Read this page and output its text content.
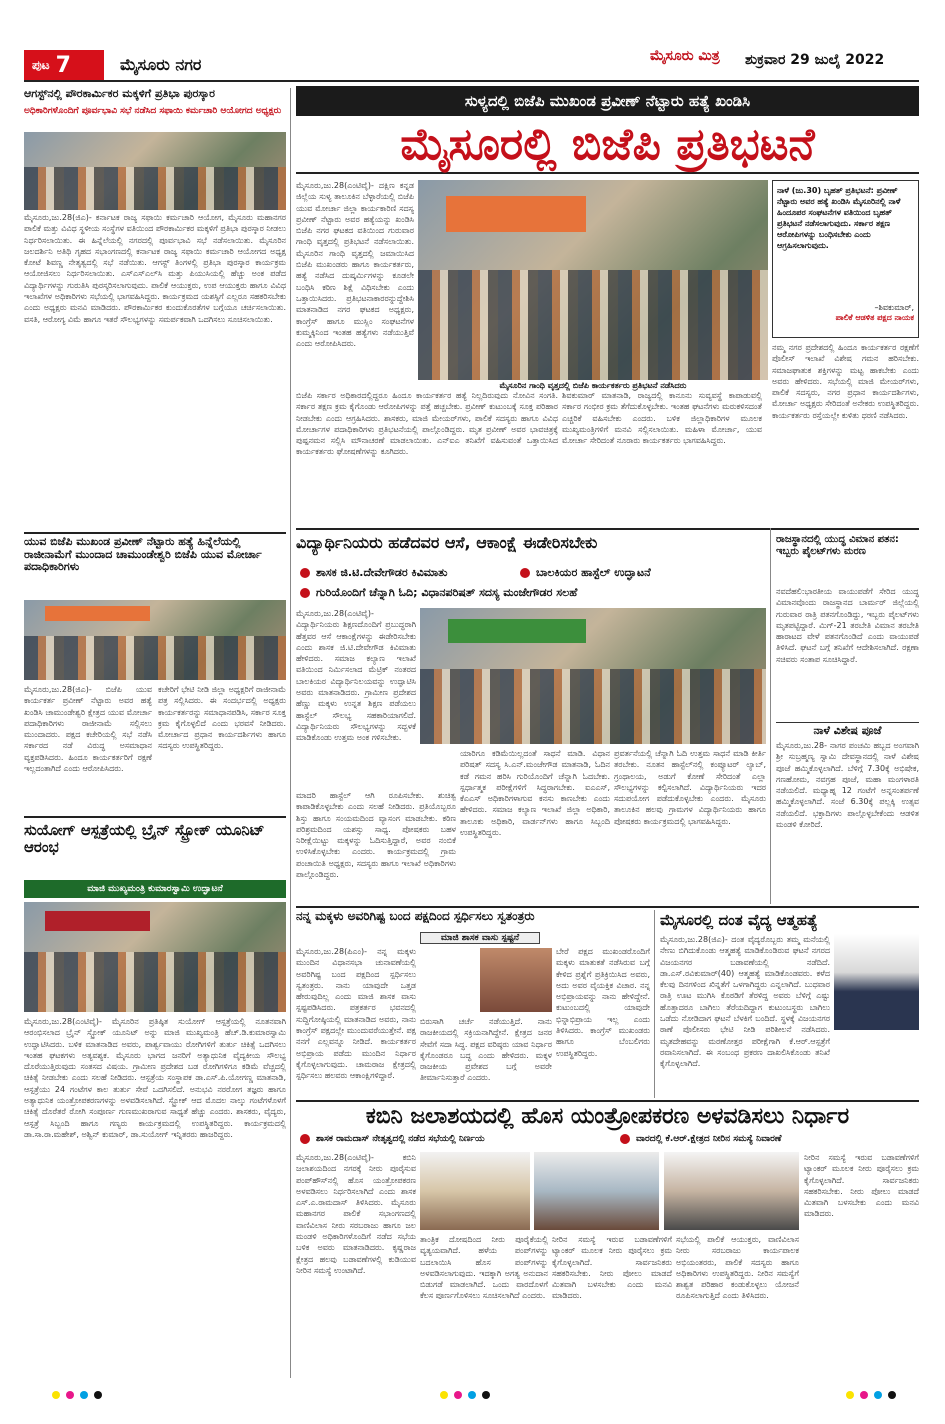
ಪುಟ 7	ಮೈಸೂರು ನಗರ	ಮೈಸೂರು ಮಿತ್ರ ಶುಕ್ರವಾರ 29 ಜುಲೈ 2022
ಆಗಸ್ಟ್‌ನಲ್ಲಿ ಪೌರಕಾರ್ಮಿಕರ ಮಕ್ಕಳಿಗೆ ಪ್ರತಿಭಾ ಪುರಸ್ಕಾರ
ಅಧಿಕಾರಿಗಳೊಂದಿಗೆ ಪೂರ್ವಭಾವಿ ಸಭೆ ನಡೆಸಿದ ಸಫಾಯಿ ಕರ್ಮಚಾರಿ ಆಯೋಗದ ಅಧ್ಯಕ್ಷರು
ಮೈಸೂರು,ಜು.28(ಜಿಎ)- ಕರ್ನಾಟಕ ರಾಜ್ಯ ಸಫಾಯಿ ಕರ್ಮಚಾರಿ ಆಯೋಗ, ಮೈಸೂರು ಮಹಾನಗರ ಪಾಲಿಕೆ ಮತ್ತು ವಿವಿಧ ಸ್ಥಳೀಯ ಸಂಸ್ಥೆಗಳ ವತಿಯಿಂದ ಪೌರಕಾರ್ಮಿಕರ ಮಕ್ಕಳಿಗೆ ಪ್ರತಿಭಾ ಪುರಸ್ಕಾರ ನೀಡಲು ನಿರ್ಧರಿಸಲಾಯಿತು. ಈ ಹಿನ್ನೆಲೆಯಲ್ಲಿ ನಗರದಲ್ಲಿ ಪೂರ್ವಭಾವಿ ಸಭೆ ನಡೆಸಲಾಯಿತು. ಮೈಸೂರಿನ ಜಲದರ್ಶಿನಿ ಅತಿಥಿ ಗೃಹದ ಸಭಾಂಗಣದಲ್ಲಿ ಕರ್ನಾಟಕ ರಾಜ್ಯ ಸಫಾಯಿ ಕರ್ಮಚಾರಿ ಆಯೋಗದ ಅಧ್ಯಕ್ಷ ಕೋಟೆ ಶಿವಣ್ಣ ನೇತೃತ್ವದಲ್ಲಿ ಸಭೆ ನಡೆಯಿತು. ಆಗಸ್ಟ್ ತಿಂಗಳಲ್ಲಿ ಪ್ರತಿಭಾ ಪುರಸ್ಕಾರ ಕಾರ್ಯಕ್ರಮ ಆಯೋಜಿಸಲು ನಿರ್ಧರಿಸಲಾಯಿತು. ಎಸ್‌ಎಸ್‌ಎಲ್‌ಸಿ ಮತ್ತು ಪಿಯುಸಿಯಲ್ಲಿ ಹೆಚ್ಚು ಅಂಕ ಪಡೆದ ವಿದ್ಯಾರ್ಥಿಗಳನ್ನು ಗುರುತಿಸಿ ಪುರಸ್ಕರಿಸಲಾಗುವುದು. ಪಾಲಿಕೆ ಆಯುಕ್ತರು, ಉಪ ಆಯುಕ್ತರು ಹಾಗೂ ವಿವಿಧ ಇಲಾಖೆಗಳ ಅಧಿಕಾರಿಗಳು ಸಭೆಯಲ್ಲಿ ಭಾಗವಹಿಸಿದ್ದರು. ಕಾರ್ಯಕ್ರಮದ ಯಶಸ್ಸಿಗೆ ಎಲ್ಲರೂ ಸಹಕರಿಸಬೇಕು ಎಂದು ಅಧ್ಯಕ್ಷರು ಮನವಿ ಮಾಡಿದರು. ಪೌರಕಾರ್ಮಿಕರ ಕುಂದುಕೊರತೆಗಳ ಬಗ್ಗೆಯೂ ಚರ್ಚಿಸಲಾಯಿತು. ವಸತಿ, ಆರೋಗ್ಯ ವಿಮೆ ಹಾಗೂ ಇತರೆ ಸೌಲಭ್ಯಗಳನ್ನು ಸಮರ್ಪಕವಾಗಿ ಒದಗಿಸಲು ಸೂಚಿಸಲಾಯಿತು.
ಯುವ ಬಿಜೆಪಿ ಮುಖಂಡ ಪ್ರವೀಣ್ ನೆಟ್ಟಾರು ಹತ್ಯೆ ಹಿನ್ನೆಲೆಯಲ್ಲಿ ರಾಜೀನಾಮೆಗೆ ಮುಂದಾದ ಚಾಮುಂಡೇಶ್ವರಿ ಬಿಜೆಪಿ ಯುವ ಮೋರ್ಚಾ ಪದಾಧಿಕಾರಿಗಳು
ಮೈಸೂರು,ಜು.28(ಜಿಎ)- ಬಿಜೆಪಿ ಯುವ ಕಾರ್ಯಕರ್ತ ಪ್ರವೀಣ್ ನೆಟ್ಟಾರು ಅವರ ಹತ್ಯೆ ಖಂಡಿಸಿ ಚಾಮುಂಡೇಶ್ವರಿ ಕ್ಷೇತ್ರದ ಯುವ ಮೋರ್ಚಾ ಪದಾಧಿಕಾರಿಗಳು ರಾಜೀನಾಮೆ ಸಲ್ಲಿಸಲು ಮುಂದಾದರು. ಪಕ್ಷದ ಕಚೇರಿಯಲ್ಲಿ ಸಭೆ ನಡೆಸಿ ಸರ್ಕಾರದ ನಡೆ ವಿರುದ್ಧ ಅಸಮಾಧಾನ ವ್ಯಕ್ತಪಡಿಸಿದರು. ಹಿಂದೂ ಕಾರ್ಯಕರ್ತರಿಗೆ ರಕ್ಷಣೆ ಇಲ್ಲದಂತಾಗಿದೆ ಎಂದು ಆರೋಪಿಸಿದರು.
ಕಚೇರಿಗೆ ಭೇಟಿ ನೀಡಿ ಜಿಲ್ಲಾ ಅಧ್ಯಕ್ಷರಿಗೆ ರಾಜೀನಾಮೆ ಪತ್ರ ಸಲ್ಲಿಸಿದರು. ಈ ಸಂದರ್ಭದಲ್ಲಿ ಅಧ್ಯಕ್ಷರು ಕಾರ್ಯಕರ್ತರನ್ನು ಸಮಾಧಾನಪಡಿಸಿ, ಸರ್ಕಾರ ಸೂಕ್ತ ಕ್ರಮ ಕೈಗೊಳ್ಳಲಿದೆ ಎಂದು ಭರವಸೆ ನೀಡಿದರು. ಮೋರ್ಚಾದ ಪ್ರಧಾನ ಕಾರ್ಯದರ್ಶಿಗಳು ಹಾಗೂ ಸದಸ್ಯರು ಉಪಸ್ಥಿತರಿದ್ದರು.
ಸುಯೋಗ್ ಆಸ್ಪತ್ರೆಯಲ್ಲಿ ಬ್ರೈನ್ ಸ್ಟ್ರೋಕ್ ಯೂನಿಟ್ ಆರಂಭ
ಮಾಜಿ ಮುಖ್ಯಮಂತ್ರಿ ಕುಮಾರಸ್ವಾಮಿ ಉದ್ಘಾಟನೆ
ಮೈಸೂರು,ಜು.28(ಎಂಟಿವೈ)- ಮೈಸೂರಿನ ಪ್ರತಿಷ್ಠಿತ ಸುಯೋಗ್ ಆಸ್ಪತ್ರೆಯಲ್ಲಿ ನೂತನವಾಗಿ ಆರಂಭಿಸಲಾದ ಬ್ರೈನ್ ಸ್ಟ್ರೋಕ್ ಯೂನಿಟ್ ಅನ್ನು ಮಾಜಿ ಮುಖ್ಯಮಂತ್ರಿ ಹೆಚ್.ಡಿ.ಕುಮಾರಸ್ವಾಮಿ ಉದ್ಘಾಟಿಸಿದರು. ಬಳಿಕ ಮಾತನಾಡಿದ ಅವರು, ಪಾರ್ಶ್ವವಾಯು ರೋಗಿಗಳಿಗೆ ತುರ್ತು ಚಿಕಿತ್ಸೆ ಒದಗಿಸಲು ಇಂತಹ ಘಟಕಗಳು ಅತ್ಯವಶ್ಯಕ. ಮೈಸೂರು ಭಾಗದ ಜನರಿಗೆ ಅತ್ಯಾಧುನಿಕ ವೈದ್ಯಕೀಯ ಸೌಲಭ್ಯ ದೊರೆಯುತ್ತಿರುವುದು ಸಂತಸದ ವಿಷಯ. ಗ್ರಾಮೀಣ ಪ್ರದೇಶದ ಬಡ ರೋಗಿಗಳಿಗೂ ಕಡಿಮೆ ವೆಚ್ಚದಲ್ಲಿ ಚಿಕಿತ್ಸೆ ನೀಡಬೇಕು ಎಂದು ಸಲಹೆ ನೀಡಿದರು. ಆಸ್ಪತ್ರೆಯ ಸಂಸ್ಥಾಪಕ ಡಾ.ಎಸ್.ಪಿ.ಯೋಗಣ್ಣ ಮಾತನಾಡಿ, ಆಸ್ಪತ್ರೆಯು 24 ಗಂಟೆಗಳ ಕಾಲ ತುರ್ತು ಸೇವೆ ಒದಗಿಸಲಿದೆ. ಅನುಭವಿ ನರರೋಗ ತಜ್ಞರು ಹಾಗೂ ಅತ್ಯಾಧುನಿಕ ಯಂತ್ರೋಪಕರಣಗಳನ್ನು ಅಳವಡಿಸಲಾಗಿದೆ. ಸ್ಟ್ರೋಕ್ ಆದ ಮೊದಲ ನಾಲ್ಕು ಗಂಟೆಗಳೊಳಗೆ ಚಿಕಿತ್ಸೆ ದೊರೆತರೆ ರೋಗಿ ಸಂಪೂರ್ಣ ಗುಣಮುಖರಾಗುವ ಸಾಧ್ಯತೆ ಹೆಚ್ಚು ಎಂದರು. ಶಾಸಕರು, ವೈದ್ಯರು, ಆಸ್ಪತ್ರೆ ಸಿಬ್ಬಂದಿ ಹಾಗೂ ಗಣ್ಯರು ಕಾರ್ಯಕ್ರಮದಲ್ಲಿ ಉಪಸ್ಥಿತರಿದ್ದರು. ಕಾರ್ಯಕ್ರಮದಲ್ಲಿ ಡಾ.ಸಾ.ರಾ.ಮಹೇಶ್, ಅಶ್ವಿನ್ ಕುಮಾರ್, ಡಾ.ಸುಯೋಗ್ ಇನ್ನಿತರರು ಹಾಜರಿದ್ದರು.
ಸುಳ್ಯದಲ್ಲಿ ಬಿಜೆಪಿ ಮುಖಂಡ ಪ್ರವೀಣ್ ನೆಟ್ಟಾರು ಹತ್ಯೆ ಖಂಡಿಸಿ
ಮೈಸೂರಲ್ಲಿ ಬಿಜೆಪಿ ಪ್ರತಿಭಟನೆ
ಮೈಸೂರು,ಜು.28(ಎಂಟಿವೈ)- ದಕ್ಷಿಣ ಕನ್ನಡ ಜಿಲ್ಲೆಯ ಸುಳ್ಯ ತಾಲೂಕಿನ ಬೆಳ್ಳಾರೆಯಲ್ಲಿ ಬಿಜೆಪಿ ಯುವ ಮೋರ್ಚಾ ಜಿಲ್ಲಾ ಕಾರ್ಯಕಾರಿಣಿ ಸದಸ್ಯ ಪ್ರವೀಣ್ ನೆಟ್ಟಾರು ಅವರ ಹತ್ಯೆಯನ್ನು ಖಂಡಿಸಿ ಬಿಜೆಪಿ ನಗರ ಘಟಕದ ವತಿಯಿಂದ ಗುರುವಾರ ಗಾಂಧಿ ವೃತ್ತದಲ್ಲಿ ಪ್ರತಿಭಟನೆ ನಡೆಸಲಾಯಿತು. ಮೈಸೂರಿನ ಗಾಂಧಿ ವೃತ್ತದಲ್ಲಿ ಜಮಾಯಿಸಿದ ಬಿಜೆಪಿ ಮುಖಂಡರು ಹಾಗೂ ಕಾರ್ಯಕರ್ತರು, ಹತ್ಯೆ ನಡೆಸಿದ ದುಷ್ಕರ್ಮಿಗಳನ್ನು ಕೂಡಲೇ ಬಂಧಿಸಿ ಕಠಿಣ ಶಿಕ್ಷೆ ವಿಧಿಸಬೇಕು ಎಂದು ಒತ್ತಾಯಿಸಿದರು. ಪ್ರತಿಭಟನಾಕಾರರನ್ನುದ್ದೇಶಿಸಿ ಮಾತನಾಡಿದ ನಗರ ಘಟಕದ ಅಧ್ಯಕ್ಷರು, ಕಾಂಗ್ರೆಸ್ ಹಾಗೂ ಮುಸ್ಲಿಂ ಸಂಘಟನೆಗಳ ಕುಮ್ಮಕ್ಕಿನಿಂದ ಇಂತಹ ಹತ್ಯೆಗಳು ನಡೆಯುತ್ತಿವೆ ಎಂದು ಆರೋಪಿಸಿದರು.
ಮೈಸೂರಿನ ಗಾಂಧಿ ವೃತ್ತದಲ್ಲಿ ಬಿಜೆಪಿ ಕಾರ್ಯಕರ್ತರು ಪ್ರತಿಭಟನೆ ನಡೆಸಿದರು
ಬಿಜೆಪಿ ಸರ್ಕಾರ ಅಧಿಕಾರದಲ್ಲಿದ್ದರೂ ಹಿಂದೂ ಕಾರ್ಯಕರ್ತರ ಹತ್ಯೆ ನಿಲ್ಲದಿರುವುದು ನೋವಿನ ಸಂಗತಿ. ಸರ್ಕಾರ ತಕ್ಷಣ ಕ್ರಮ ಕೈಗೊಂಡು ಆರೋಪಿಗಳನ್ನು ಪತ್ತೆ ಹಚ್ಚಬೇಕು. ಪ್ರವೀಣ್ ಕುಟುಂಬಕ್ಕೆ ಸೂಕ್ತ ಪರಿಹಾರ ನೀಡಬೇಕು ಎಂದು ಆಗ್ರಹಿಸಿದರು. ಶಾಸಕರು, ಮಾಜಿ ಮೇಯರ್‌ಗಳು, ಪಾಲಿಕೆ ಸದಸ್ಯರು ಹಾಗೂ ವಿವಿಧ ಮೋರ್ಚಾಗಳ ಪದಾಧಿಕಾರಿಗಳು ಪ್ರತಿಭಟನೆಯಲ್ಲಿ ಪಾಲ್ಗೊಂಡಿದ್ದರು. ಮೃತ ಪ್ರವೀಣ್ ಅವರ ಭಾವಚಿತ್ರಕ್ಕೆ ಪುಷ್ಪನಮನ ಸಲ್ಲಿಸಿ ಮೌನಾಚರಣೆ ಮಾಡಲಾಯಿತು. ಎನ್‌ಐಎ ತನಿಖೆಗೆ ವಹಿಸುವಂತೆ ಒತ್ತಾಯಿಸಿದ ಕಾರ್ಯಕರ್ತರು ಘೋಷಣೆಗಳನ್ನು ಕೂಗಿದರು.
ಶಿವಕುಮಾರ್ ಮಾತನಾಡಿ, ರಾಜ್ಯದಲ್ಲಿ ಕಾನೂನು ಸುವ್ಯವಸ್ಥೆ ಕಾಪಾಡುವಲ್ಲಿ ಸರ್ಕಾರ ಗಂಭೀರ ಕ್ರಮ ತೆಗೆದುಕೊಳ್ಳಬೇಕು. ಇಂತಹ ಘಟನೆಗಳು ಮರುಕಳಿಸದಂತೆ ಎಚ್ಚರಿಕೆ ವಹಿಸಬೇಕು ಎಂದರು. ಬಳಿಕ ಜಿಲ್ಲಾಧಿಕಾರಿಗಳ ಮೂಲಕ ಮುಖ್ಯಮಂತ್ರಿಗಳಿಗೆ ಮನವಿ ಸಲ್ಲಿಸಲಾಯಿತು. ಮಹಿಳಾ ಮೋರ್ಚಾ, ಯುವ ಮೋರ್ಚಾ ಸೇರಿದಂತೆ ನೂರಾರು ಕಾರ್ಯಕರ್ತರು ಭಾಗವಹಿಸಿದ್ದರು.
ನಾಳೆ (ಜು.30) ಬೃಹತ್ ಪ್ರತಿಭಟನೆ: ಪ್ರವೀಣ್ ನೆಟ್ಟಾರು ಅವರ ಹತ್ಯೆ ಖಂಡಿಸಿ ಮೈಸೂರಿನಲ್ಲಿ ನಾಳೆ ಹಿಂದೂಪರ ಸಂಘಟನೆಗಳ ವತಿಯಿಂದ ಬೃಹತ್ ಪ್ರತಿಭಟನೆ ನಡೆಸಲಾಗುವುದು. ಸರ್ಕಾರ ತಕ್ಷಣ ಆರೋಪಿಗಳನ್ನು ಬಂಧಿಸಬೇಕು ಎಂದು ಆಗ್ರಹಿಸಲಾಗುವುದು.
–ಶಿವಕುಮಾರ್,
ಪಾಲಿಕೆ ಆಡಳಿತ ಪಕ್ಷದ ನಾಯಕ
ನಮ್ಮ ನಗರ ಪ್ರದೇಶದಲ್ಲಿ ಹಿಂದೂ ಕಾರ್ಯಕರ್ತರ ರಕ್ಷಣೆಗೆ ಪೊಲೀಸ್ ಇಲಾಖೆ ವಿಶೇಷ ಗಮನ ಹರಿಸಬೇಕು. ಸಮಾಜಘಾತುಕ ಶಕ್ತಿಗಳನ್ನು ಮಟ್ಟ ಹಾಕಬೇಕು ಎಂದು ಅವರು ಹೇಳಿದರು. ಸಭೆಯಲ್ಲಿ ಮಾಜಿ ಮೇಯರ್‌ಗಳು, ಪಾಲಿಕೆ ಸದಸ್ಯರು, ನಗರ ಪ್ರಧಾನ ಕಾರ್ಯದರ್ಶಿಗಳು, ಮೋರ್ಚಾ ಅಧ್ಯಕ್ಷರು ಸೇರಿದಂತೆ ಅನೇಕರು ಉಪಸ್ಥಿತರಿದ್ದರು. ಕಾರ್ಯಕರ್ತರು ರಸ್ತೆಯಲ್ಲೇ ಕುಳಿತು ಧರಣಿ ನಡೆಸಿದರು.
ವಿದ್ಯಾರ್ಥಿನಿಯರು ಹಡೆದವರ ಆಸೆ, ಆಕಾಂಕ್ಷೆ ಈಡೇರಿಸಬೇಕು
ಶಾಸಕ ಜಿ.ಟಿ.ದೇವೇಗೌಡರ ಕಿವಿಮಾತು	ಬಾಲಕಿಯರ ಹಾಸ್ಟೆಲ್ ಉದ್ಘಾಟನೆ
ಗುರಿಯೊಂದಿಗೆ ಚೆನ್ನಾಗಿ ಓದಿ; ವಿಧಾನಪರಿಷತ್ ಸದಸ್ಯ ಮಂಜೇಗೌಡರ ಸಲಹೆ
ಮೈಸೂರು,ಜು.28(ಎಂಟಿವೈ)- ವಿದ್ಯಾರ್ಥಿನಿಯರು ಶಿಕ್ಷಣದೊಂದಿಗೆ ಪ್ರಬುದ್ಧರಾಗಿ ಹೆತ್ತವರ ಆಸೆ ಆಕಾಂಕ್ಷೆಗಳನ್ನು ಈಡೇರಿಸಬೇಕು ಎಂದು ಶಾಸಕ ಜಿ.ಟಿ.ದೇವೇಗೌಡ ಕಿವಿಮಾತು ಹೇಳಿದರು. ಸಮಾಜ ಕಲ್ಯಾಣ ಇಲಾಖೆ ವತಿಯಿಂದ ನಿರ್ಮಿಸಲಾದ ಮೆಟ್ರಿಕ್ ನಂತರದ ಬಾಲಕಿಯರ ವಿದ್ಯಾರ್ಥಿನಿಲಯವನ್ನು ಉದ್ಘಾಟಿಸಿ ಅವರು ಮಾತನಾಡಿದರು. ಗ್ರಾಮೀಣ ಪ್ರದೇಶದ ಹೆಣ್ಣು ಮಕ್ಕಳು ಉನ್ನತ ಶಿಕ್ಷಣ ಪಡೆಯಲು ಹಾಸ್ಟೆಲ್ ಸೌಲಭ್ಯ ಸಹಕಾರಿಯಾಗಲಿದೆ. ವಿದ್ಯಾರ್ಥಿನಿಯರು ಸೌಲಭ್ಯಗಳನ್ನು ಸದ್ಬಳಕೆ ಮಾಡಿಕೊಂಡು ಉತ್ತಮ ಅಂಕ ಗಳಿಸಬೇಕು.
ಮಾದರಿ ಹಾಸ್ಟೆಲ್ ಆಗಿ ರೂಪಿಸಬೇಕು. ಶುಚಿತ್ವ ಕಾಪಾಡಿಕೊಳ್ಳಬೇಕು ಎಂದು ಸಲಹೆ ನೀಡಿದರು. ಪ್ರತಿಯೊಬ್ಬರೂ ಶಿಸ್ತು ಹಾಗೂ ಸಂಯಮದಿಂದ ವ್ಯಾಸಂಗ ಮಾಡಬೇಕು. ಕಠಿಣ ಪರಿಶ್ರಮದಿಂದ ಯಶಸ್ಸು ಸಾಧ್ಯ. ಪೋಷಕರು ಬಹಳ ನಿರೀಕ್ಷೆಯಿಟ್ಟು ಮಕ್ಕಳನ್ನು ಓದಿಸುತ್ತಿದ್ದಾರೆ, ಅವರ ನಂಬಿಕೆ ಉಳಿಸಿಕೊಳ್ಳಬೇಕು ಎಂದರು. ಕಾರ್ಯಕ್ರಮದಲ್ಲಿ ಗ್ರಾಮ ಪಂಚಾಯಿತಿ ಅಧ್ಯಕ್ಷರು, ಸದಸ್ಯರು ಹಾಗೂ ಇಲಾಖೆ ಅಧಿಕಾರಿಗಳು ಪಾಲ್ಗೊಂಡಿದ್ದರು.
ಯಾರಿಗೂ ಕಡಿಮೆಯಿಲ್ಲದಂತೆ ಸಾಧನೆ ಮಾಡಿ. ವಿಧಾನ ಪರಿಷತ್ ಸದಸ್ಯ ಸಿ.ಎನ್.ಮಂಜೇಗೌಡ ಮಾತನಾಡಿ, ಓದಿನ ಕಡೆ ಗಮನ ಹರಿಸಿ ಗುರಿಯೊಂದಿಗೆ ಚೆನ್ನಾಗಿ ಓದಬೇಕು. ಸ್ಪರ್ಧಾತ್ಮಕ ಪರೀಕ್ಷೆಗಳಿಗೆ ಸಿದ್ಧರಾಗಬೇಕು. ಐಎಎಸ್, ಕೆಎಎಸ್ ಅಧಿಕಾರಿಗಳಾಗುವ ಕನಸು ಕಾಣಬೇಕು ಎಂದು ಹೇಳಿದರು. ಸಮಾಜ ಕಲ್ಯಾಣ ಇಲಾಖೆ ಜಿಲ್ಲಾ ಅಧಿಕಾರಿ, ತಾಲೂಕು ಅಧಿಕಾರಿ, ವಾರ್ಡನ್‌ಗಳು ಹಾಗೂ ಸಿಬ್ಬಂದಿ ಉಪಸ್ಥಿತರಿದ್ದರು.
ಪ್ರವರ್ತನೆಯಲ್ಲಿ ಚೆನ್ನಾಗಿ ಓದಿ ಉತ್ತಮ ಸಾಧನೆ ಮಾಡಿ ಕೀರ್ತಿ ತರಬೇಕು. ನೂತನ ಹಾಸ್ಟೆಲ್‌ನಲ್ಲಿ ಕಂಪ್ಯೂಟರ್ ಲ್ಯಾಬ್, ಗ್ರಂಥಾಲಯ, ಅಡುಗೆ ಕೋಣೆ ಸೇರಿದಂತೆ ಎಲ್ಲಾ ಸೌಲಭ್ಯಗಳನ್ನು ಕಲ್ಪಿಸಲಾಗಿದೆ. ವಿದ್ಯಾರ್ಥಿನಿಯರು ಇದರ ಸದುಪಯೋಗ ಪಡೆದುಕೊಳ್ಳಬೇಕು ಎಂದರು. ಮೈಸೂರು ತಾಲೂಕಿನ ಹಲವು ಗ್ರಾಮಗಳ ವಿದ್ಯಾರ್ಥಿನಿಯರು ಹಾಗೂ ಪೋಷಕರು ಕಾರ್ಯಕ್ರಮದಲ್ಲಿ ಭಾಗವಹಿಸಿದ್ದರು.
ರಾಜಸ್ಥಾನದಲ್ಲಿ ಯುದ್ಧ ವಿಮಾನ ಪತನ: ಇಬ್ಬರು ಪೈಲಟ್‌ಗಳು ಮರಣ
ನವದೆಹಲಿ:ಭಾರತೀಯ ವಾಯುಪಡೆಗೆ ಸೇರಿದ ಯುದ್ಧ ವಿಮಾನವೊಂದು ರಾಜಸ್ಥಾನದ ಬಾರ್ಮರ್ ಜಿಲ್ಲೆಯಲ್ಲಿ ಗುರುವಾರ ರಾತ್ರಿ ಪತನಗೊಂಡಿದ್ದು, ಇಬ್ಬರು ಪೈಲಟ್‌ಗಳು ಮೃತಪಟ್ಟಿದ್ದಾರೆ. ಮಿಗ್-21 ತರಬೇತಿ ವಿಮಾನ ತರಬೇತಿ ಹಾರಾಟದ ವೇಳೆ ಪತನಗೊಂಡಿದೆ ಎಂದು ವಾಯುಪಡೆ ತಿಳಿಸಿದೆ. ಘಟನೆ ಬಗ್ಗೆ ತನಿಖೆಗೆ ಆದೇಶಿಸಲಾಗಿದೆ. ರಕ್ಷಣಾ ಸಚಿವರು ಸಂತಾಪ ಸೂಚಿಸಿದ್ದಾರೆ.
ನಾಳೆ ವಿಶೇಷ ಪೂಜೆ
ಮೈಸೂರು,ಜು.28- ನಾಗರ ಪಂಚಮಿ ಹಬ್ಬದ ಅಂಗವಾಗಿ ಶ್ರೀ ಸುಬ್ರಹ್ಮಣ್ಯ ಸ್ವಾಮಿ ದೇವಸ್ಥಾನದಲ್ಲಿ ನಾಳೆ ವಿಶೇಷ ಪೂಜೆ ಹಮ್ಮಿಕೊಳ್ಳಲಾಗಿದೆ. ಬೆಳಿಗ್ಗೆ 7.30ಕ್ಕೆ ಅಭಿಷೇಕ, ಗಣಹೋಮ, ನವಗ್ರಹ ಪೂಜೆ, ಮಹಾ ಮಂಗಳಾರತಿ ನಡೆಯಲಿದೆ. ಮಧ್ಯಾಹ್ನ 12 ಗಂಟೆಗೆ ಅನ್ನಸಂತರ್ಪಣೆ ಹಮ್ಮಿಕೊಳ್ಳಲಾಗಿದೆ. ಸಂಜೆ 6.30ಕ್ಕೆ ಪಲ್ಲಕ್ಕಿ ಉತ್ಸವ ನಡೆಯಲಿದೆ. ಭಕ್ತಾದಿಗಳು ಪಾಲ್ಗೊಳ್ಳಬೇಕೆಂದು ಆಡಳಿತ ಮಂಡಳಿ ಕೋರಿದೆ.
ನನ್ನ ಮಕ್ಕಳು ಅವರಿಗಿಷ್ಟ ಬಂದ ಪಕ್ಷದಿಂದ ಸ್ಪರ್ಧಿಸಲು ಸ್ವತಂತ್ರರು
ಮಾಜಿ ಶಾಸಕ ವಾಸು ಸ್ಪಷ್ಟನೆ
ಮೈಸೂರು,ಜು.28(ಪಿಎಂ)- ನನ್ನ ಮಕ್ಕಳು ಮುಂದಿನ ವಿಧಾನಸಭಾ ಚುನಾವಣೆಯಲ್ಲಿ ಅವರಿಗಿಷ್ಟ ಬಂದ ಪಕ್ಷದಿಂದ ಸ್ಪರ್ಧಿಸಲು ಸ್ವತಂತ್ರರು. ನಾನು ಯಾವುದೇ ಒತ್ತಡ ಹೇರುವುದಿಲ್ಲ ಎಂದು ಮಾಜಿ ಶಾಸಕ ವಾಸು ಸ್ಪಷ್ಟಪಡಿಸಿದರು. ಪತ್ರಕರ್ತರ ಭವನದಲ್ಲಿ ಸುದ್ದಿಗೋಷ್ಠಿಯಲ್ಲಿ ಮಾತನಾಡಿದ ಅವರು, ನಾನು ಕಾಂಗ್ರೆಸ್ ಪಕ್ಷದಲ್ಲೇ ಮುಂದುವರೆಯುತ್ತೇನೆ. ಪಕ್ಷ ನನಗೆ ಎಲ್ಲವನ್ನೂ ನೀಡಿದೆ. ಕಾರ್ಯಕರ್ತರ ಅಭಿಪ್ರಾಯ ಪಡೆದು ಮುಂದಿನ ನಿರ್ಧಾರ ಕೈಗೊಳ್ಳಲಾಗುವುದು. ಚಾಮರಾಜ ಕ್ಷೇತ್ರದಲ್ಲಿ ಸ್ಪರ್ಧಿಸಲು ಹಲವರು ಆಕಾಂಕ್ಷಿಗಳಿದ್ದಾರೆ.
ಬಿರುಸಾಗಿ ಚರ್ಚೆ ನಡೆಯುತ್ತಿದೆ. ನಾನು ರಾಜಕೀಯದಲ್ಲಿ ಸಕ್ರಿಯನಾಗಿದ್ದೇನೆ. ಕ್ಷೇತ್ರದ ಜನರ ಸೇವೆಗೆ ಸದಾ ಸಿದ್ಧ. ಪಕ್ಷದ ವರಿಷ್ಠರು ಯಾವ ನಿರ್ಧಾರ ಕೈಗೊಂಡರೂ ಬದ್ಧ ಎಂದು ಹೇಳಿದರು. ಮಕ್ಕಳ ರಾಜಕೀಯ ಪ್ರವೇಶದ ಬಗ್ಗೆ ಅವರೇ ತೀರ್ಮಾನಿಸುತ್ತಾರೆ ಎಂದರು.
ಬೇರೆ ಪಕ್ಷದ ಮುಖಂಡರೊಂದಿಗೆ ಮಕ್ಕಳು ಮಾತುಕತೆ ನಡೆಸಿರುವ ಬಗ್ಗೆ ಕೇಳಿದ ಪ್ರಶ್ನೆಗೆ ಪ್ರತಿಕ್ರಿಯಿಸಿದ ಅವರು, ಅದು ಅವರ ವೈಯಕ್ತಿಕ ವಿಚಾರ. ನನ್ನ ಅಭಿಪ್ರಾಯವನ್ನು ನಾನು ಹೇಳಿದ್ದೇನೆ. ಕುಟುಂಬದಲ್ಲಿ ಯಾವುದೇ ಭಿನ್ನಾಭಿಪ್ರಾಯ ಇಲ್ಲ ಎಂದು ತಿಳಿಸಿದರು. ಕಾಂಗ್ರೆಸ್ ಮುಖಂಡರು ಹಾಗೂ ಬೆಂಬಲಿಗರು ಉಪಸ್ಥಿತರಿದ್ದರು.
ಮೈಸೂರಲ್ಲಿ ದಂತ ವೈದ್ಯ ಆತ್ಮಹತ್ಯೆ
ಮೈಸೂರು,ಜು.28(ಜಿಎ)- ದಂತ ವೈದ್ಯರೊಬ್ಬರು ತಮ್ಮ ಮನೆಯಲ್ಲಿ ನೇಣು ಬಿಗಿದುಕೊಂಡು ಆತ್ಮಹತ್ಯೆ ಮಾಡಿಕೊಂಡಿರುವ ಘಟನೆ ನಗರದ ವಿಜಯನಗರ ಬಡಾವಣೆಯಲ್ಲಿ ನಡೆದಿದೆ. ಡಾ.ಎಸ್.ರವಿಕುಮಾರ್(40) ಆತ್ಮಹತ್ಯೆ ಮಾಡಿಕೊಂಡವರು. ಕಳೆದ ಕೆಲವು ದಿನಗಳಿಂದ ಖಿನ್ನತೆಗೆ ಒಳಗಾಗಿದ್ದರು ಎನ್ನಲಾಗಿದೆ. ಬುಧವಾರ ರಾತ್ರಿ ಊಟ ಮುಗಿಸಿ ಕೊಠಡಿಗೆ ತೆರಳಿದ್ದ ಅವರು ಬೆಳಿಗ್ಗೆ ಎಷ್ಟು ಹೊತ್ತಾದರೂ ಬಾಗಿಲು ತೆರೆಯದಿದ್ದಾಗ ಕುಟುಂಬಸ್ಥರು ಬಾಗಿಲು ಒಡೆದು ನೋಡಿದಾಗ ಘಟನೆ ಬೆಳಕಿಗೆ ಬಂದಿದೆ. ಸ್ಥಳಕ್ಕೆ ವಿಜಯನಗರ ಠಾಣೆ ಪೊಲೀಸರು ಭೇಟಿ ನೀಡಿ ಪರಿಶೀಲನೆ ನಡೆಸಿದರು. ಮೃತದೇಹವನ್ನು ಮರಣೋತ್ತರ ಪರೀಕ್ಷೆಗಾಗಿ ಕೆ.ಆರ್.ಆಸ್ಪತ್ರೆಗೆ ರವಾನಿಸಲಾಗಿದೆ. ಈ ಸಂಬಂಧ ಪ್ರಕರಣ ದಾಖಲಿಸಿಕೊಂಡು ತನಿಖೆ ಕೈಗೊಳ್ಳಲಾಗಿದೆ.
ಕಬಿನಿ ಜಲಾಶಯದಲ್ಲಿ ಹೊಸ ಯಂತ್ರೋಪಕರಣ ಅಳವಡಿಸಲು ನಿರ್ಧಾರ
ಶಾಸಕ ರಾಮದಾಸ್ ನೇತೃತ್ವದಲ್ಲಿ ನಡೆದ ಸಭೆಯಲ್ಲಿ ನಿರ್ಣಯ	ವಾರದಲ್ಲಿ ಕೆ.ಆರ್.ಕ್ಷೇತ್ರದ ನೀರಿನ ಸಮಸ್ಯೆ ನಿವಾರಣೆ
ಮೈಸೂರು,ಜು.28(ಎಂಟಿವೈ)- ಕಬಿನಿ ಜಲಾಶಯದಿಂದ ನಗರಕ್ಕೆ ನೀರು ಪೂರೈಸುವ ಪಂಪ್‌ಹೌಸ್‌ನಲ್ಲಿ ಹೊಸ ಯಂತ್ರೋಪಕರಣ ಅಳವಡಿಸಲು ನಿರ್ಧರಿಸಲಾಗಿದೆ ಎಂದು ಶಾಸಕ ಎಸ್.ಎ.ರಾಮದಾಸ್ ತಿಳಿಸಿದರು. ಮೈಸೂರು ಮಹಾನಗರ ಪಾಲಿಕೆ ಸಭಾಂಗಣದಲ್ಲಿ ವಾಣಿವಿಲಾಸ ನೀರು ಸರಬರಾಜು ಹಾಗೂ ಜಲ ಮಂಡಳಿ ಅಧಿಕಾರಿಗಳೊಂದಿಗೆ ನಡೆದ ಸಭೆಯ ಬಳಿಕ ಅವರು ಮಾತನಾಡಿದರು. ಕೃಷ್ಣರಾಜ ಕ್ಷೇತ್ರದ ಹಲವು ಬಡಾವಣೆಗಳಲ್ಲಿ ಕುಡಿಯುವ ನೀರಿನ ಸಮಸ್ಯೆ ಉಂಟಾಗಿದೆ.
ತಾಂತ್ರಿಕ ದೋಷದಿಂದ ನೀರು ಪೂರೈಕೆಯಲ್ಲಿ ವ್ಯತ್ಯಯವಾಗಿದೆ. ಹಳೆಯ ಪಂಪ್‌ಗಳನ್ನು ಬದಲಾಯಿಸಿ ಹೊಸ ಪಂಪ್‌ಗಳನ್ನು ಅಳವಡಿಸಲಾಗುವುದು. ಇದಕ್ಕಾಗಿ ಅಗತ್ಯ ಅನುದಾನ ಬಿಡುಗಡೆ ಮಾಡಲಾಗಿದೆ. ಒಂದು ವಾರದೊಳಗೆ ಕೆಲಸ ಪೂರ್ಣಗೊಳಿಸಲು ಸೂಚಿಸಲಾಗಿದೆ ಎಂದರು.
ನೀರಿನ ಸಮಸ್ಯೆ ಇರುವ ಬಡಾವಣೆಗಳಿಗೆ ಟ್ಯಾಂಕರ್ ಮೂಲಕ ನೀರು ಪೂರೈಸಲು ಕ್ರಮ ಕೈಗೊಳ್ಳಲಾಗಿದೆ. ಸಾರ್ವಜನಿಕರು ಸಹಕರಿಸಬೇಕು. ನೀರು ಪೋಲು ಮಾಡದೆ ಮಿತವಾಗಿ ಬಳಸಬೇಕು ಎಂದು ಮನವಿ ಮಾಡಿದರು.
ಸಭೆಯಲ್ಲಿ ಪಾಲಿಕೆ ಆಯುಕ್ತರು, ವಾಣಿವಿಲಾಸ ನೀರು ಸರಬರಾಜು ಕಾರ್ಯಪಾಲಕ ಅಭಿಯಂತರರು, ಪಾಲಿಕೆ ಸದಸ್ಯರು ಹಾಗೂ ಅಧಿಕಾರಿಗಳು ಉಪಸ್ಥಿತರಿದ್ದರು. ನೀರಿನ ಸಮಸ್ಯೆಗೆ ಶಾಶ್ವತ ಪರಿಹಾರ ಕಂಡುಕೊಳ್ಳಲು ಯೋಜನೆ ರೂಪಿಸಲಾಗುತ್ತಿದೆ ಎಂದು ತಿಳಿಸಿದರು.
ನೀರಿನ ಸಮಸ್ಯೆ ಇರುವ ಬಡಾವಣೆಗಳಿಗೆ ಟ್ಯಾಂಕರ್ ಮೂಲಕ ನೀರು ಪೂರೈಸಲು ಕ್ರಮ ಕೈಗೊಳ್ಳಲಾಗಿದೆ. ಸಾರ್ವಜನಿಕರು ಸಹಕರಿಸಬೇಕು. ನೀರು ಪೋಲು ಮಾಡದೆ ಮಿತವಾಗಿ ಬಳಸಬೇಕು ಎಂದು ಮನವಿ ಮಾಡಿದರು.
